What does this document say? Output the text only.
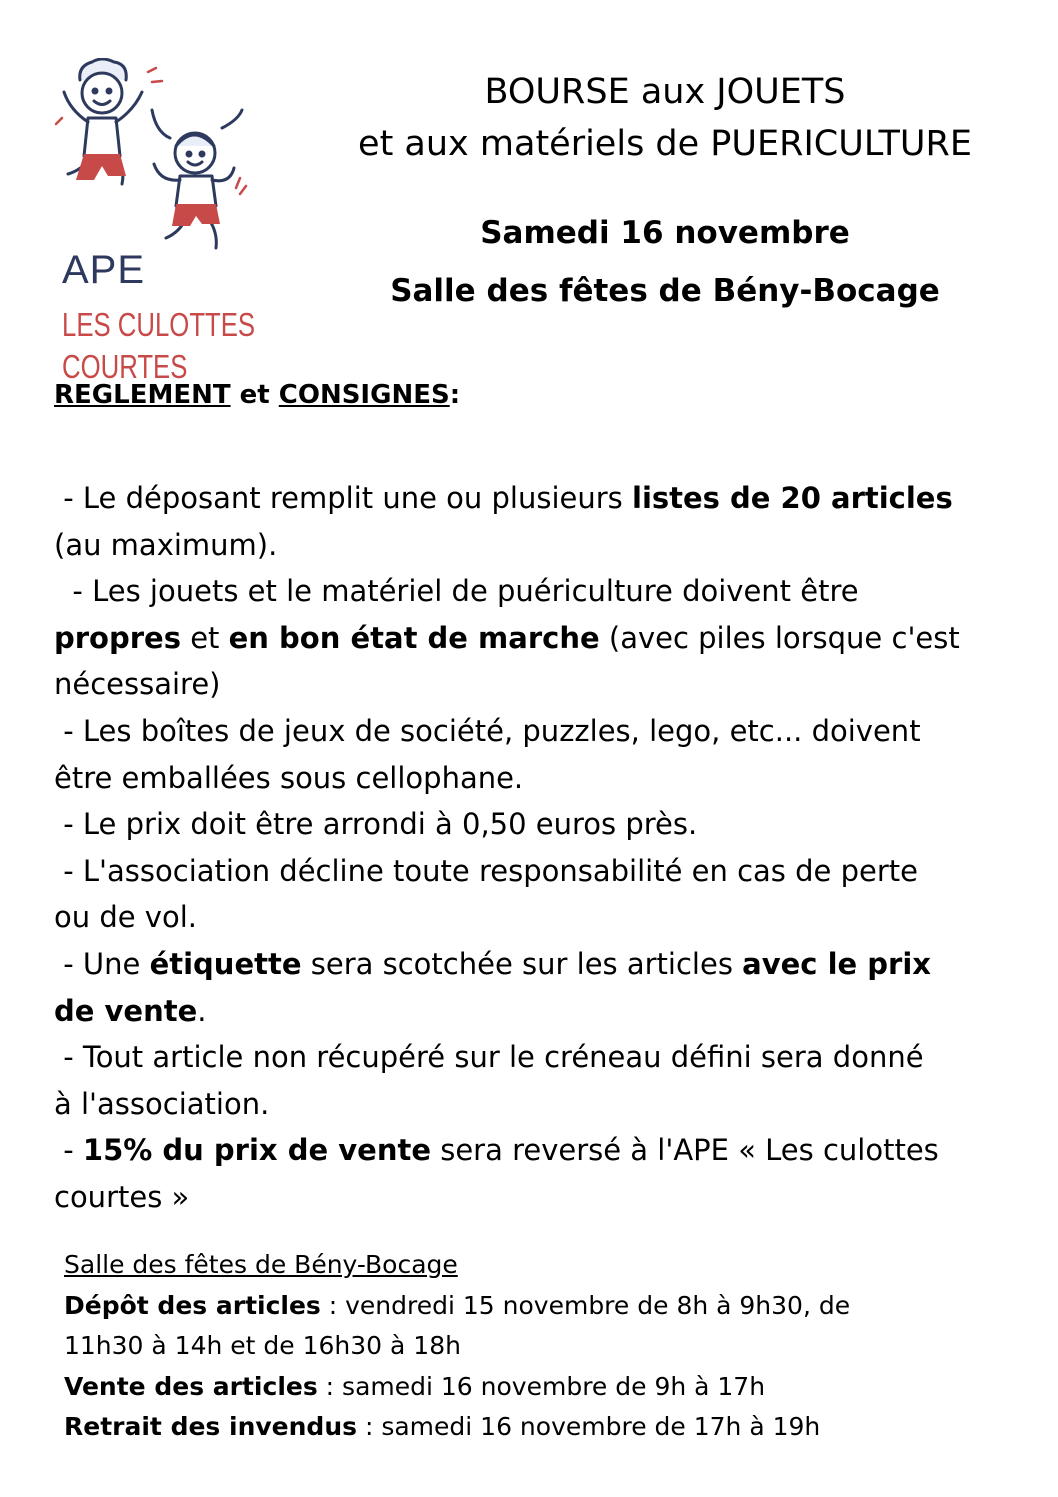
APE
LES CULOTTES
COURTES
BOURSE aux JOUETS
et aux matériels de PUERICULTURE
Samedi 16 novembre
Salle des fêtes de Bény-Bocage
REGLEMENT et CONSIGNES:

- Le déposant remplit une ou plusieurs listes de 20 articles

(au maximum).

- Les jouets et le matériel de puériculture doivent être

propres et en bon état de marche (avec piles lorsque c'est

nécessaire)

- Les boîtes de jeux de société, puzzles, lego, etc... doivent

être emballées sous cellophane.

- Le prix doit être arrondi à 0,50 euros près.

- L'association décline toute responsabilité en cas de perte

ou de vol.

- Une étiquette sera scotchée sur les articles avec le prix

de vente.

- Tout article non récupéré sur le créneau défini sera donné

à l'association.

- 15% du prix de vente sera reversé à l'APE « Les culottes

courtes »

Salle des fêtes de Bény-Bocage

Dépôt des articles : vendredi 15 novembre de 8h à 9h30, de

11h30 à 14h et de 16h30 à 18h

Vente des articles : samedi 16 novembre de 9h à 17h

Retrait des invendus : samedi 16 novembre de 17h à 19h
